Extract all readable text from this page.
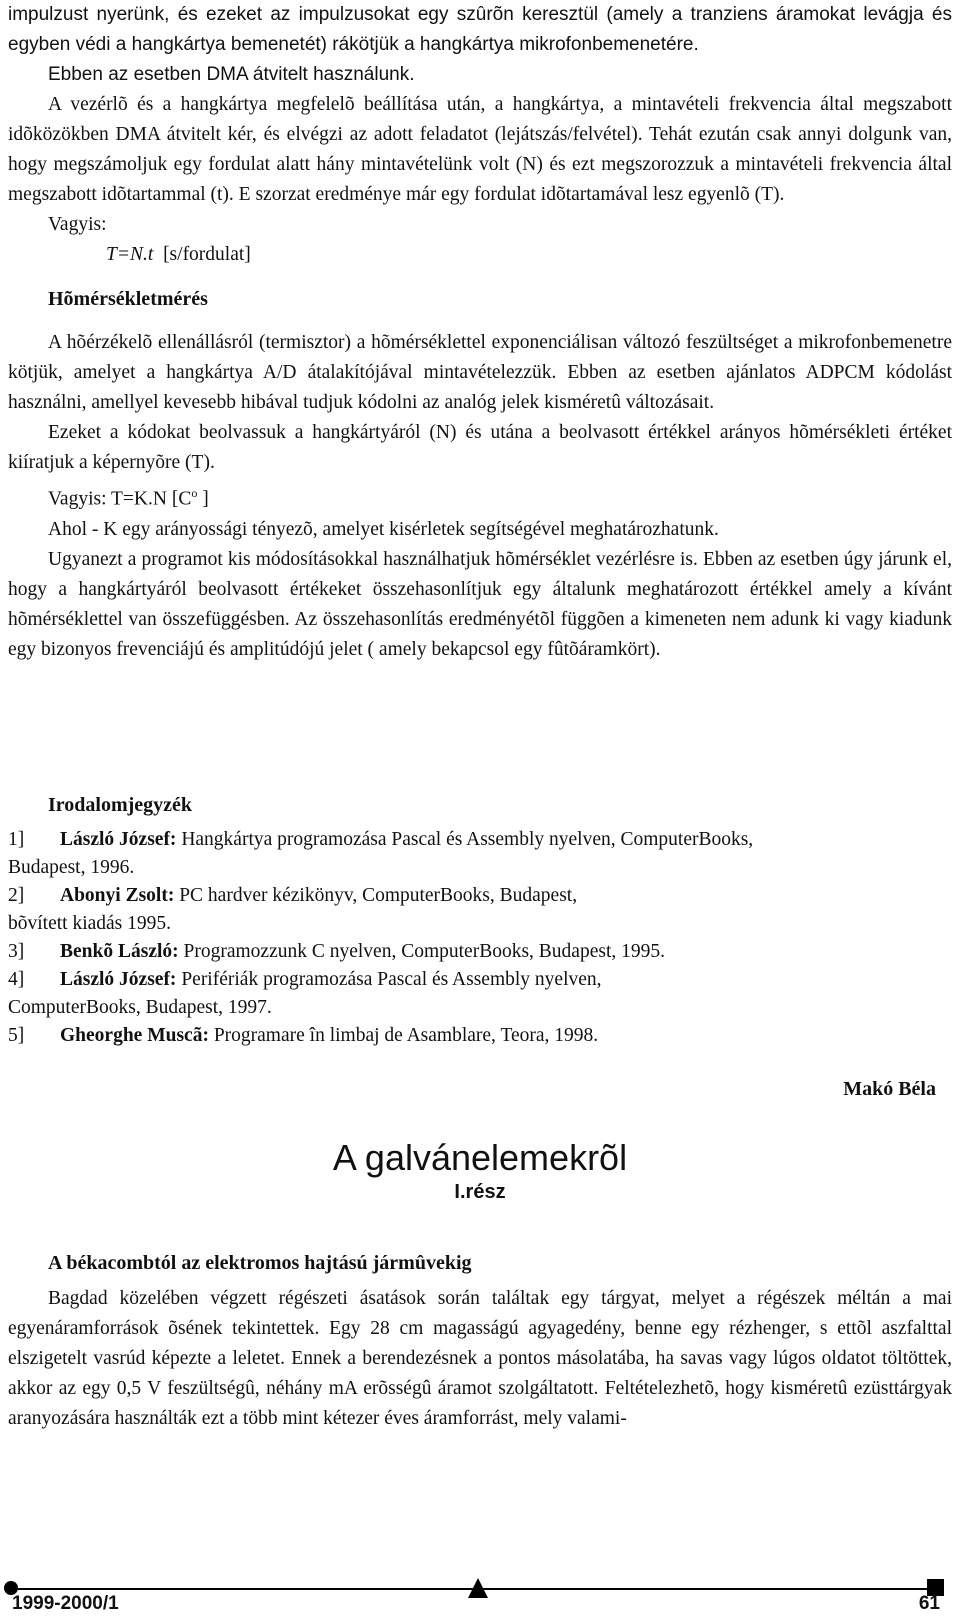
impulzust nyerünk, és ezeket az impulzusokat egy szûrõn keresztül (amely a tranziens áramokat levágja és egyben védi a hangkártya bemenetét) rákötjük a hangkártya mikrofonbemenetére.

Ebben az esetben DMA átvitelt használunk.

A vezérlõ és a hangkártya megfelelõ beállítása után, a hangkártya, a mintavételi frekvencia által megszabott idõközökben DMA átvitelt kér, és elvégzi az adott feladatot (lejátszás/felvétel). Tehát ezután csak annyi dolgunk van, hogy megszámoljuk egy fordulat alatt hány mintavételünk volt (N) és ezt megszorozzuk a mintavételi frekvencia által megszabott idõtartammal (t). E szorzat eredménye már egy fordulat idõtartamával lesz egyenlõ (T).

Vagyis:

T=N.t [s/fordulat]

Hõmérsékletmérés

A hõérzékelõ ellenállásról (termisztor) a hõmérséklettel exponenciálisan változó feszültséget a mikrofonbemenetre kötjük, amelyet a hangkártya A/D átalakítójával mintavételezzük. Ebben az esetben ajánlatos ADPCM kódolást használni, amellyel kevesebb hibával tudjuk kódolni az analóg jelek kisméretû változásait.

Ezeket a kódokat beolvassuk a hangkártyáról (N) és utána a beolvasott értékkel arányos hõmérsékleti értéket kiíratjuk a képernyõre (T).

Vagyis: T=K.N [$C^o$ ]

Ahol - K egy arányossági tényezõ, amelyet kisérletek segítségével meghatározhatunk.

Ugyanezt a programot kis módosításokkal használhatjuk hõmérséklet vezérlésre is. Ebben az esetben úgy járunk el, hogy a hangkártyáról beolvasott értékeket összehasonlítjuk egy általunk meghatározott értékkel amely a kívánt hõmérséklettel van összefüggésben. Az összehasonlítás eredményétõl függõen a kimeneten nem adunk ki vagy kiadunk egy bizonyos frevenciájú és amplitúdójú jelet ( amely bekapcsol egy fûtõáramkört).

Irodalomjegyzék

1]	László József: Hangkártya programozása Pascal és Assembly nyelven, ComputerBooks,
Budapest, 1996.
2]	Abonyi Zsolt: PC hardver kézikönyv, ComputerBooks, Budapest,
bõvített kiadás 1995.
3]	Benkõ László: Programozzunk C nyelven, ComputerBooks, Budapest, 1995.
4]	László József: Perifériák programozása Pascal és Assembly nyelven,
ComputerBooks, Budapest, 1997.
5]	Gheorghe Muscã: Programare în limbaj de Asamblare, Teora, 1998.

Makó Béla

A galvánelemekrõl

I.rész

A békacombtól az elektromos hajtású jármûvekig

Bagdad közelében végzett régészeti ásatások során találtak egy tárgyat, melyet a régészek méltán a mai egyenáramforrások õsének tekintettek. Egy 28 cm magasságú agyagedény, benne egy rézhenger, s ettõl aszfalttal elszigetelt vasrúd képezte a leletet. Ennek a berendezésnek a pontos másolatába, ha savas vagy lúgos oldatot töltöttek, akkor az egy 0,5 V feszültségû, néhány mA erõsségû áramot szolgáltatott. Feltételezhetõ, hogy kisméretû ezüsttárgyak aranyozására használták ezt a több mint kétezer éves áramforrást, mely valami-

1999-2000/1	61
